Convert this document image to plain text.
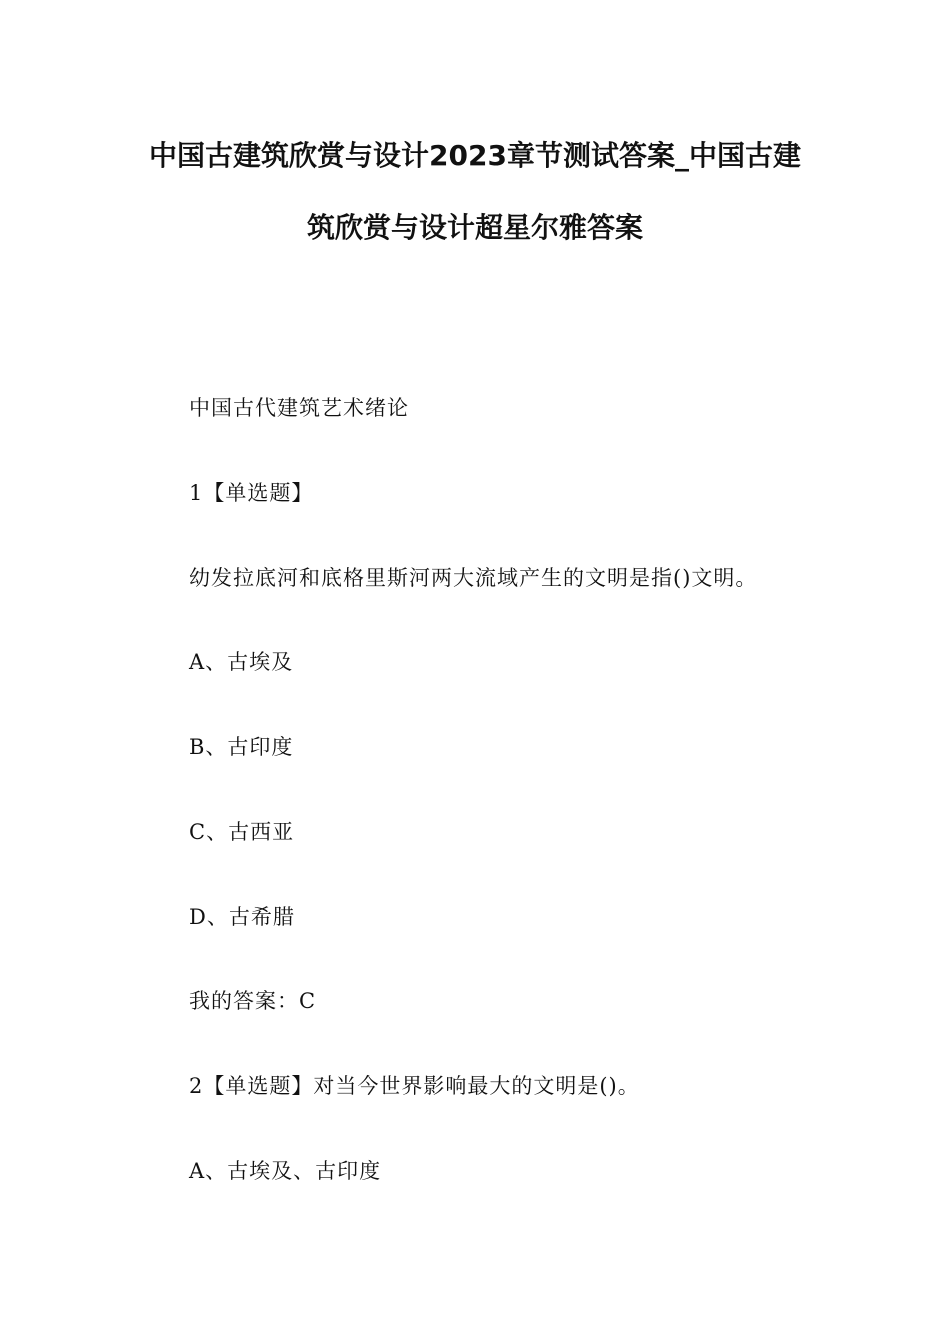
中国古建筑欣赏与设计2023章节测试答案_中国古建
筑欣赏与设计超星尔雅答案
中国古代建筑艺术绪论
1【单选题】
幼发拉底河和底格里斯河两大流域产生的文明是指()文明。
A、古埃及
B、古印度
C、古西亚
D、古希腊
我的答案：C
2【单选题】对当今世界影响最大的文明是()。
A、古埃及、古印度
